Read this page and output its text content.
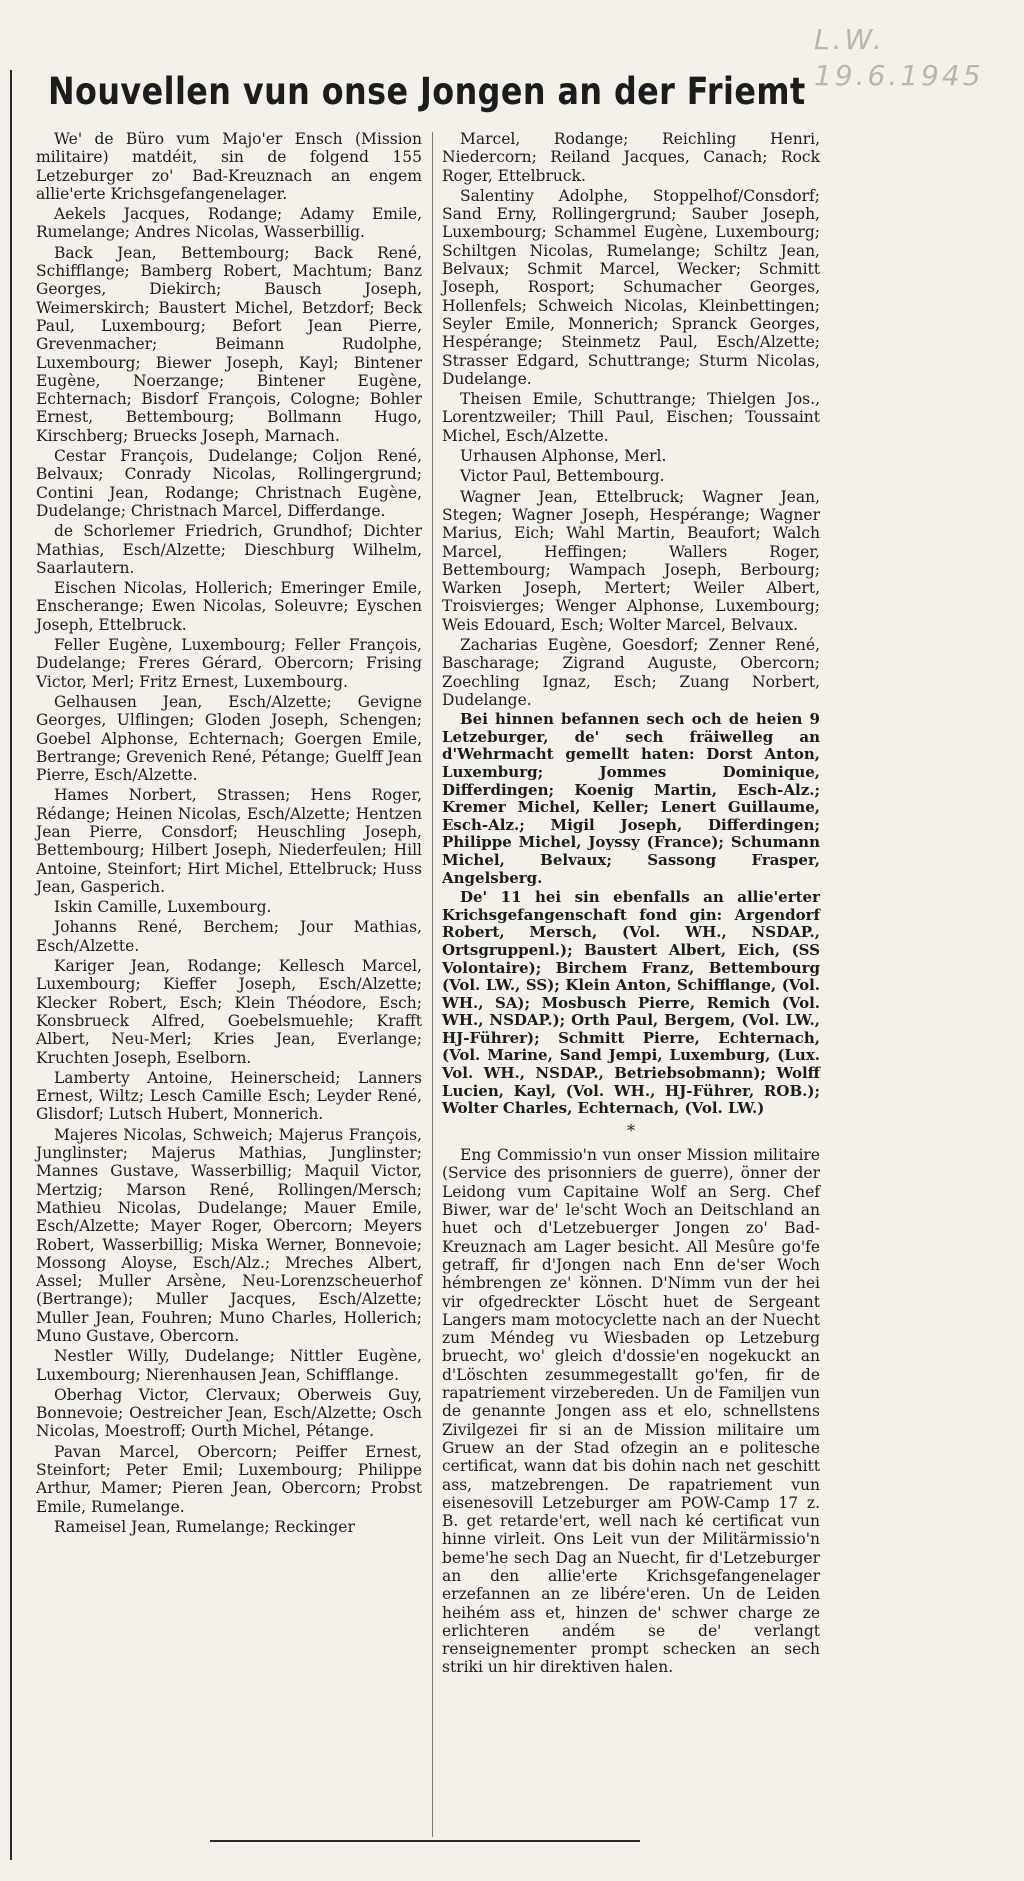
L.W.
19.6.1945
Nouvellen vun onse Jongen an der Friemt

We' de Büro vum Majo'er Ensch (Mission militaire) matdéit, sin de folgend 155 Letzeburger zo' Bad-Kreuznach an engem allie'erte Krichsgefangenelager.

Aekels Jacques, Rodange; Adamy Emile, Rumelange; Andres Nicolas, Wasserbillig.

Back Jean, Bettembourg; Back René, Schifflange; Bamberg Robert, Machtum; Banz Georges, Diekirch; Bausch Joseph, Weimerskirch; Baustert Michel, Betzdorf; Beck Paul, Luxembourg; Befort Jean Pierre, Grevenmacher; Beimann Rudolphe, Luxembourg; Biewer Joseph, Kayl; Bintener Eugène, Noerzange; Bintener Eugène, Echternach; Bisdorf François, Cologne; Bohler Ernest, Bettembourg; Bollmann Hugo, Kirschberg; Bruecks Joseph, Marnach.

Cestar François, Dudelange; Coljon René, Belvaux; Conrady Nicolas, Rollingergrund; Contini Jean, Rodange; Christnach Eugène, Dudelange; Christnach Marcel, Differdange.

de Schorlemer Friedrich, Grundhof; Dichter Mathias, Esch/Alzette; Dieschburg Wilhelm, Saarlautern.

Eischen Nicolas, Hollerich; Emeringer Emile, Enscherange; Ewen Nicolas, Soleuvre; Eyschen Joseph, Ettelbruck.

Feller Eugène, Luxembourg; Feller François, Dudelange; Freres Gérard, Obercorn; Frising Victor, Merl; Fritz Ernest, Luxembourg.

Gelhausen Jean, Esch/Alzette; Gevigne Georges, Ulflingen; Gloden Joseph, Schengen; Goebel Alphonse, Echternach; Goergen Emile, Bertrange; Grevenich René, Pétange; Guelff Jean Pierre, Esch/Alzette.

Hames Norbert, Strassen; Hens Roger, Rédange; Heinen Nicolas, Esch/Alzette; Hentzen Jean Pierre, Consdorf; Heuschling Joseph, Bettembourg; Hilbert Joseph, Niederfeulen; Hill Antoine, Steinfort; Hirt Michel, Ettelbruck; Huss Jean, Gasperich.

Iskin Camille, Luxembourg.

Johanns René, Berchem; Jour Mathias, Esch/Alzette.

Kariger Jean, Rodange; Kellesch Marcel, Luxembourg; Kieffer Joseph, Esch/Alzette; Klecker Robert, Esch; Klein Théodore, Esch; Konsbrueck Alfred, Goebelsmuehle; Krafft Albert, Neu-Merl; Kries Jean, Everlange; Kruchten Joseph, Eselborn.

Lamberty Antoine, Heinerscheid; Lanners Ernest, Wiltz; Lesch Camille Esch; Leyder René, Glisdorf; Lutsch Hubert, Monnerich.

Majeres Nicolas, Schweich; Majerus François, Junglinster; Majerus Mathias, Junglinster; Mannes Gustave, Wasserbillig; Maquil Victor, Mertzig; Marson René, Rollingen/Mersch; Mathieu Nicolas, Dudelange; Mauer Emile, Esch/Alzette; Mayer Roger, Obercorn; Meyers Robert, Wasserbillig; Miska Werner, Bonnevoie; Mossong Aloyse, Esch/Alz.; Mreches Albert, Assel; Muller Arsène, Neu-Lorenzscheuerhof (Bertrange); Muller Jacques, Esch/Alzette; Muller Jean, Fouhren; Muno Charles, Hollerich; Muno Gustave, Obercorn.

Nestler Willy, Dudelange; Nittler Eugène, Luxembourg; Nierenhausen Jean, Schifflange.

Oberhag Victor, Clervaux; Oberweis Guy, Bonnevoie; Oestreicher Jean, Esch/Alzette; Osch Nicolas, Moestroff; Ourth Michel, Pétange.

Pavan Marcel, Obercorn; Peiffer Ernest, Steinfort; Peter Emil; Luxembourg; Philippe Arthur, Mamer; Pieren Jean, Obercorn; Probst Emile, Rumelange.

Rameisel Jean, Rumelange; Reckinger

Marcel, Rodange; Reichling Henri, Niedercorn; Reiland Jacques, Canach; Rock Roger, Ettelbruck.

Salentiny Adolphe, Stoppelhof/Consdorf; Sand Erny, Rollingergrund; Sauber Joseph, Luxembourg; Schammel Eugène, Luxembourg; Schiltgen Nicolas, Rumelange; Schiltz Jean, Belvaux; Schmit Marcel, Wecker; Schmitt Joseph, Rosport; Schumacher Georges, Hollenfels; Schweich Nicolas, Kleinbettingen; Seyler Emile, Monnerich; Spranck Georges, Hespérange; Steinmetz Paul, Esch/Alzette; Strasser Edgard, Schuttrange; Sturm Nicolas, Dudelange.

Theisen Emile, Schuttrange; Thielgen Jos., Lorentzweiler; Thill Paul, Eischen; Toussaint Michel, Esch/Alzette.

Urhausen Alphonse, Merl.

Victor Paul, Bettembourg.

Wagner Jean, Ettelbruck; Wagner Jean, Stegen; Wagner Joseph, Hespérange; Wagner Marius, Eich; Wahl Martin, Beaufort; Walch Marcel, Heffingen; Wallers Roger, Bettembourg; Wampach Joseph, Berbourg; Warken Joseph, Mertert; Weiler Albert, Troisvierges; Wenger Alphonse, Luxembourg; Weis Edouard, Esch; Wolter Marcel, Belvaux.

Zacharias Eugène, Goesdorf; Zenner René, Bascharage; Zigrand Auguste, Obercorn; Zoechling Ignaz, Esch; Zuang Norbert, Dudelange.

Bei hinnen befannen sech och de heien 9 Letzeburger, de' sech fräiwelleg an d'Wehrmacht gemellt haten: Dorst Anton, Luxemburg; Jommes Dominique, Differdingen; Koenig Martin, Esch-Alz.; Kremer Michel, Keller; Lenert Guillaume, Esch-Alz.; Migil Joseph, Differdingen; Philippe Michel, Joyssy (France); Schumann Michel, Belvaux; Sassong Frasper, Angelsberg.

De' 11 hei sin ebenfalls an allie'erter Krichsgefangenschaft fond gin: Argendorf Robert, Mersch, (Vol. WH., NSDAP., Ortsgruppenl.); Baustert Albert, Eich, (SS Volontaire); Birchem Franz, Bettembourg (Vol. LW., SS); Klein Anton, Schifflange, (Vol. WH., SA); Mosbusch Pierre, Remich (Vol. WH., NSDAP.); Orth Paul, Bergem, (Vol. LW., HJ-Führer); Schmitt Pierre, Echternach, (Vol. Marine, Sand Jempi, Luxemburg, (Lux. Vol. WH., NSDAP., Betriebsobmann); Wolff Lucien, Kayl, (Vol. WH., HJ-Führer, ROB.); Wolter Charles, Echternach, (Vol. LW.)

*

Eng Commissio'n vun onser Mission militaire (Service des prisonniers de guerre), önner der Leidong vum Capitaine Wolf an Serg. Chef Biwer, war de' le'scht Woch an Deitschland an huet och d'Letzebuerger Jongen zo' Bad-Kreuznach am Lager besicht. All Mesûre go'fe getraff, fir d'Jongen nach Enn de'ser Woch hémbrengen ze' können. D'Nimm vun der hei vir ofgedreckter Löscht huet de Sergeant Langers mam motocyclette nach an der Nuecht zum Méndeg vu Wiesbaden op Letzeburg bruecht, wo' gleich d'dossie'en nogekuckt an d'Löschten zesummegestallt go'fen, fir de rapatriement virzebereden. Un de Familjen vun de genannte Jongen ass et elo, schnellstens Zivilgezei fir si an de Mission militaire um Gruew an der Stad ofzegin an e politesche certificat, wann dat bis dohin nach net geschitt ass, matzebrengen. De rapatriement vun eisenesovill Letzeburger am POW-Camp 17 z. B. get retarde'ert, well nach ké certificat vun hinne virleit. Ons Leit vun der Militärmissio'n beme'he sech Dag an Nuecht, fir d'Letzeburger an den allie'erte Krichsgefangenelager erzefannen an ze libére'eren. Un de Leiden heihém ass et, hinzen de' schwer charge ze erlichteren andém se de' verlangt renseignementer prompt schecken an sech striki un hir direktiven halen.
